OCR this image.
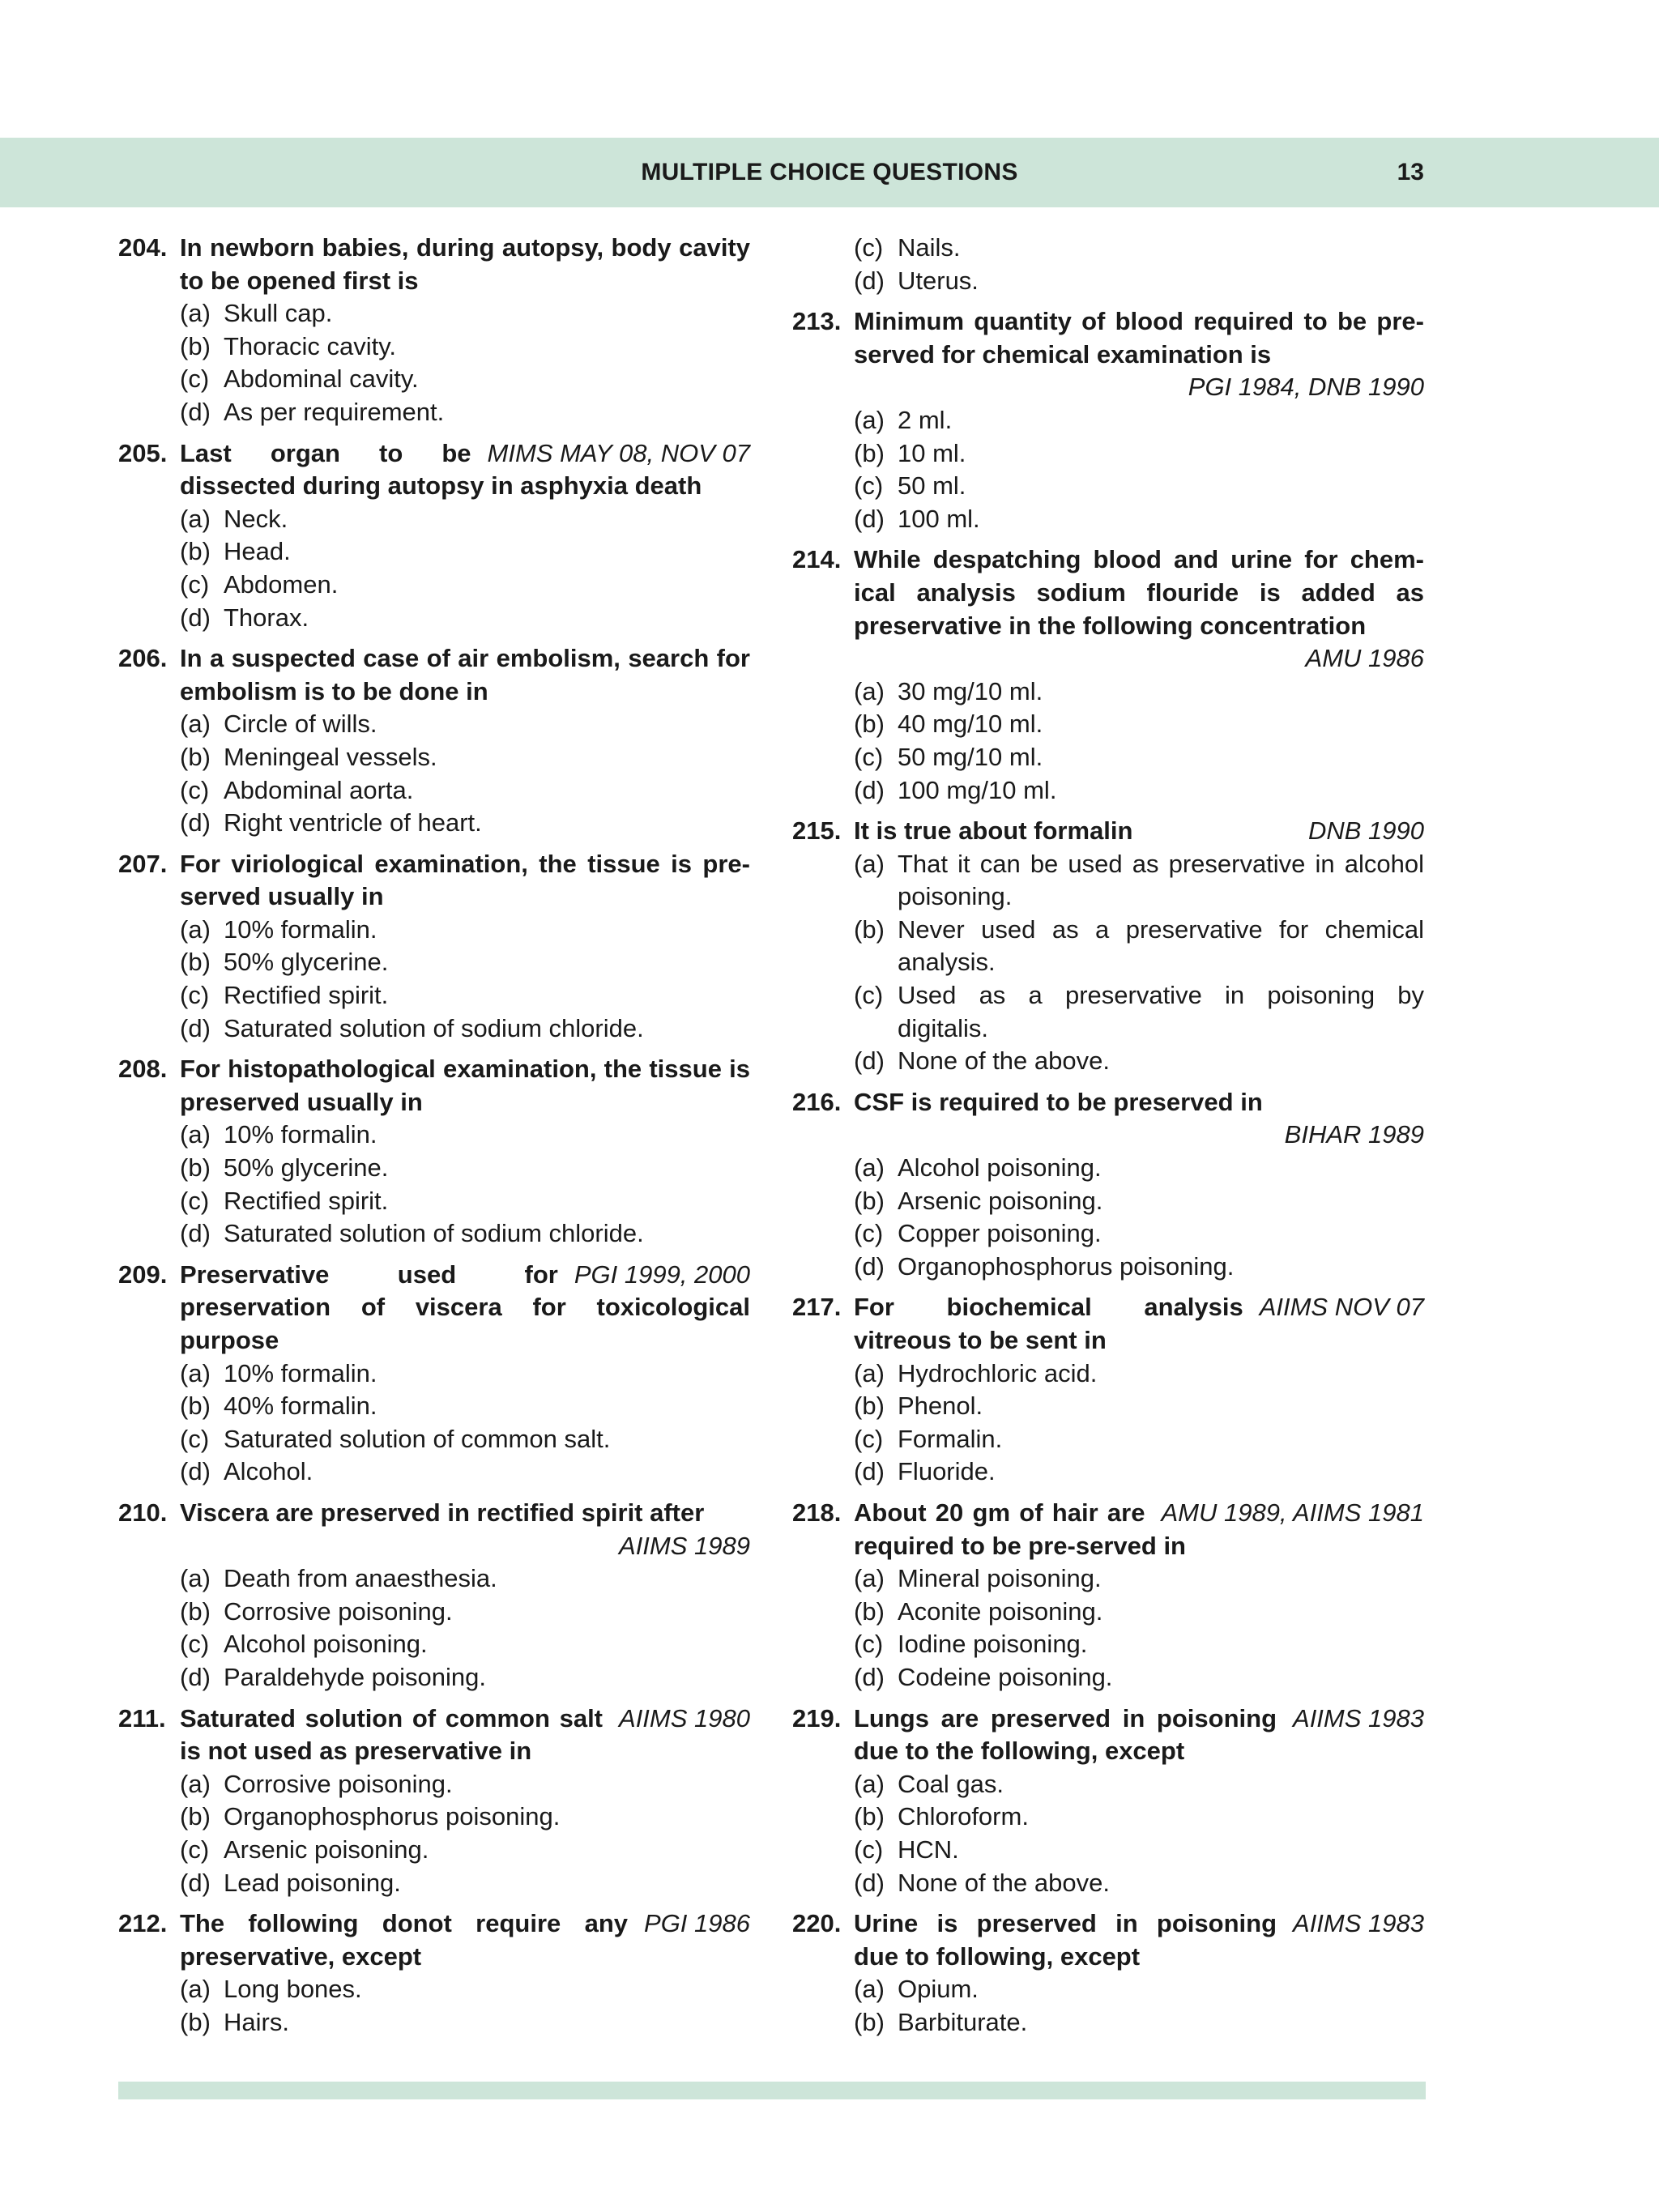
MULTIPLE CHOICE QUESTIONS	13
204. In newborn babies, during autopsy, body cavity to be opened first is
(a) Skull cap.
(b) Thoracic cavity.
(c) Abdominal cavity.
(d) As per requirement.
205.	MIMS MAY 08, NOV 07
Last organ to be dissected during autopsy in asphyxia death
(a) Neck.
(b) Head.
(c) Abdomen.
(d) Thorax.
206. In a suspected case of air embolism, search for embolism is to be done in
(a) Circle of wills.
(b) Meningeal vessels.
(c) Abdominal aorta.
(d) Right ventricle of heart.
207. For viriological examination, the tissue is pre-served usually in
(a) 10% formalin.
(b) 50% glycerine.
(c) Rectified spirit.
(d) Saturated solution of sodium chloride.
208. For histopathological examination, the tissue is preserved usually in
(a) 10% formalin.
(b) 50% glycerine.
(c) Rectified spirit.
(d) Saturated solution of sodium chloride.
209.	PGI 1999, 2000
Preservative used for preservation of viscera for toxicological purpose
(a) 10% formalin.
(b) 40% formalin.
(c) Saturated solution of common salt.
(d) Alcohol.
210. Viscera are preserved in rectified spirit after
AIIMS 1989
(a) Death from anaesthesia.
(b) Corrosive poisoning.
(c) Alcohol poisoning.
(d) Paraldehyde poisoning.
211.	AIIMS 1980
Saturated solution of common salt is not used as preservative in
(a) Corrosive poisoning.
(b) Organophosphorus poisoning.
(c) Arsenic poisoning.
(d) Lead poisoning.
212.	PGI 1986
The following donot require any preservative, except
(a) Long bones.
(b) Hairs.
(c) Nails.
(d) Uterus.
213. Minimum quantity of blood required to be pre-served for chemical examination is
PGI 1984, DNB 1990
(a) 2 ml.
(b) 10 ml.
(c) 50 ml.
(d) 100 ml.
214. While despatching blood and urine for chem-ical analysis sodium flouride is added as preservative in the following concentration
AMU 1986
(a) 30 mg/10 ml.
(b) 40 mg/10 ml.
(c) 50 mg/10 ml.
(d) 100 mg/10 ml.
215.	DNB 1990
It is true about formalin
(a) That it can be used as preservative in alcohol poisoning.
(b) Never used as a preservative for chemical analysis.
(c) Used as a preservative in poisoning by digitalis.
(d) None of the above.
216. CSF is required to be preserved in
BIHAR 1989
(a) Alcohol poisoning.
(b) Arsenic poisoning.
(c) Copper poisoning.
(d) Organophosphorus poisoning.
217.	AIIMS NOV 07
For biochemical analysis vitreous to be sent in
(a) Hydrochloric acid.
(b) Phenol.
(c) Formalin.
(d) Fluoride.
218.	AMU 1989, AIIMS 1981
About 20 gm of hair are required to be pre-served in
(a) Mineral poisoning.
(b) Aconite poisoning.
(c) Iodine poisoning.
(d) Codeine poisoning.
219.	AIIMS 1983
Lungs are preserved in poisoning due to the following, except
(a) Coal gas.
(b) Chloroform.
(c) HCN.
(d) None of the above.
220.	AIIMS 1983
Urine is preserved in poisoning due to following, except
(a) Opium.
(b) Barbiturate.
